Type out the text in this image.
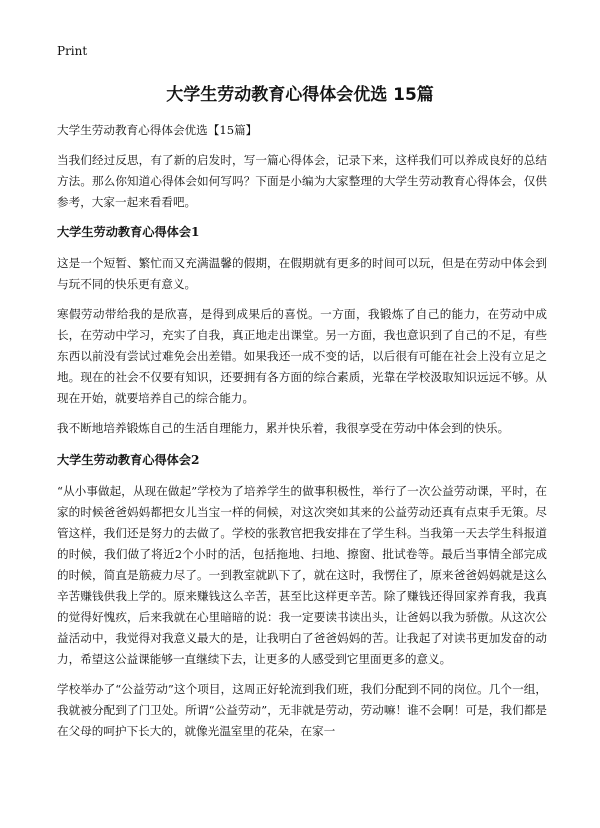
Print
大学生劳动教育心得体会优选 15篇

大学生劳动教育心得体会优选【15篇】

当我们经过反思，有了新的启发时，写一篇心得体会，记录下来，这样我们可以养成良好的总结方法。那么你知道心得体会如何写吗？下面是小编为大家整理的大学生劳动教育心得体会，仅供参考，大家一起来看看吧。

大学生劳动教育心得体会1

这是一个短暂、繁忙而又充满温馨的假期，在假期就有更多的时间可以玩，但是在劳动中体会到与玩不同的快乐更有意义。

寒假劳动带给我的是欣喜，是得到成果后的喜悦。一方面，我锻炼了自己的能力，在劳动中成长，在劳动中学习，充实了自我，真正地走出课堂。另一方面，我也意识到了自己的不足，有些东西以前没有尝试过难免会出差错。如果我还一成不变的话，以后很有可能在社会上没有立足之地。现在的社会不仅要有知识，还要拥有各方面的综合素质，光靠在学校汲取知识远远不够。从现在开始，就要培养自己的综合能力。

我不断地培养锻炼自己的生活自理能力，累并快乐着，我很享受在劳动中体会到的快乐。

大学生劳动教育心得体会2

“从小事做起，从现在做起”学校为了培养学生的做事积极性，举行了一次公益劳动课，平时，在家的时候爸爸妈妈都把女儿当宝一样的伺候，对这次突如其来的公益劳动还真有点束手无策。尽管这样，我们还是努力的去做了。学校的张教官把我安排在了学生科。当我第一天去学生科报道的时候，我们做了将近2个小时的活，包括拖地、扫地、擦窗、批试卷等。最后当事情全部完成的时候，简直是筋疲力尽了。一到教室就趴下了，就在这时，我愣住了，原来爸爸妈妈就是这么辛苦赚钱供我上学的。原来赚钱这么辛苦，甚至比这样更辛苦。除了赚钱还得回家养育我，我真的觉得好愧疚，后来我就在心里暗暗的说：我一定要读书读出头，让爸妈以我为骄傲。从这次公益活动中，我觉得对我意义最大的是，让我明白了爸爸妈妈的苦。让我起了对读书更加发奋的动力，希望这公益课能够一直继续下去，让更多的人感受到它里面更多的意义。

学校举办了“公益劳动”这个项目，这周正好轮流到我们班，我们分配到不同的岗位。几个一组，我就被分配到了门卫处。所谓“公益劳动”，无非就是劳动，劳动嘛！谁不会啊！可是，我们都是在父母的呵护下长大的，就像光温室里的花朵，在家一
